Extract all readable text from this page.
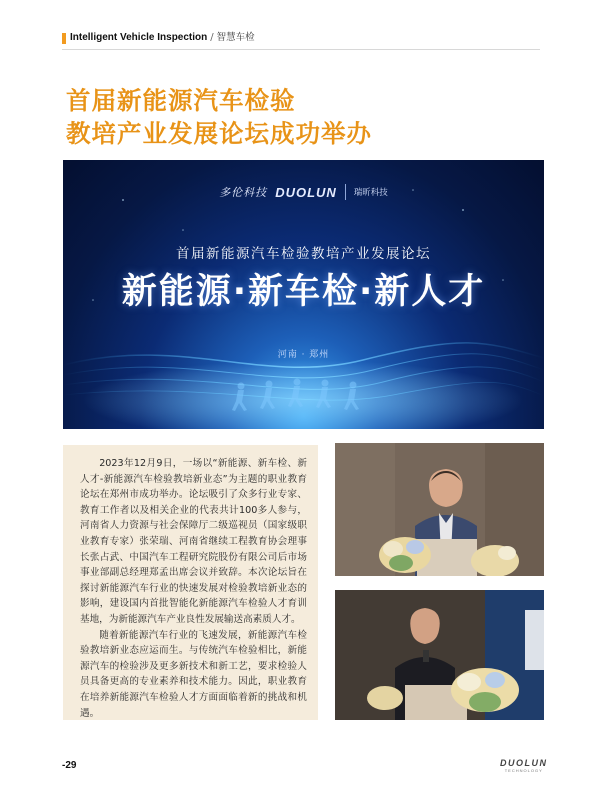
Intelligent Vehicle Inspection / 智慧车检
首届新能源汽车检验
教培产业发展论坛成功举办
多伦科技 DUOLUN 瑞昕科技
首届新能源汽车检验教培产业发展论坛
新能源·新车检·新人才
河南 · 郑州

2023年12月9日，一场以“新能源、新车检、新人才-新能源汽车检验教培新业态”为主题的职业教育论坛在郑州市成功举办。论坛吸引了众多行业专家、教育工作者以及相关企业的代表共计100多人参与，河南省人力资源与社会保障厅二级巡视员（国家级职业教育专家）张荣瑞、河南省继续工程教育协会理事长张占武、中国汽车工程研究院股份有限公司后市场事业部副总经理郑孟出席会议并致辞。本次论坛旨在探讨新能源汽车行业的快速发展对检验教培新业态的影响，建设国内首批智能化新能源汽车检验人才育训基地，为新能源汽车产业良性发展输送高素质人才。

随着新能源汽车行业的飞速发展，新能源汽车检验教培新业态应运而生。与传统汽车检验相比，新能源汽车的检验涉及更多新技术和新工艺，要求检验人员具备更高的专业素养和技术能力。因此，职业教育在培养新能源汽车检验人才方面面临着新的挑战和机遇。

-29	DUOLUN
TECHNOLOGY
